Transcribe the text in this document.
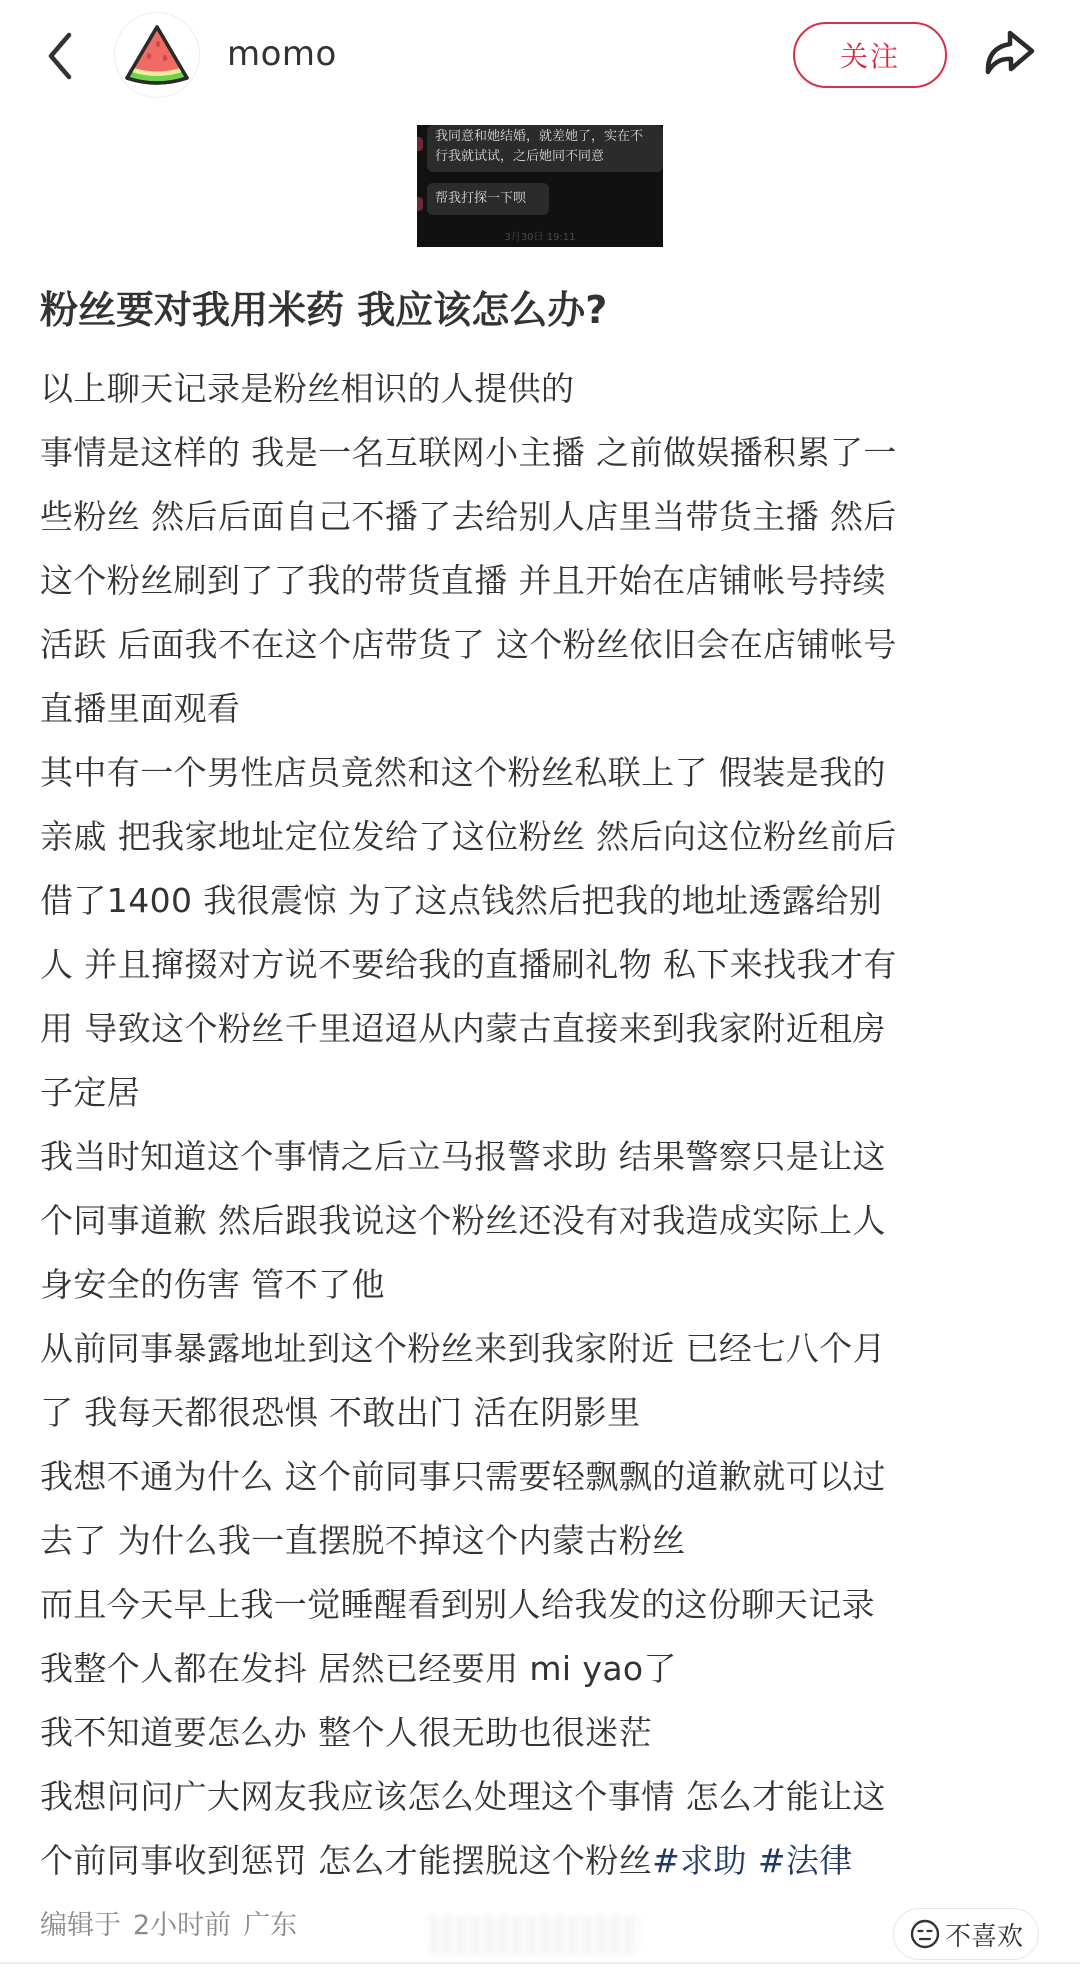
momo	关注
我同意和她结婚，就差她了，实在不行我就试试，之后她同不同意
帮我打探一下呗
3月30日 19:11
粉丝要对我用米药 我应该怎么办?
以上聊天记录是粉丝相识的人提供的
事情是这样的 我是一名互联网小主播 之前做娱播积累了一
些粉丝 然后后面自己不播了去给别人店里当带货主播 然后
这个粉丝刷到了了我的带货直播 并且开始在店铺帐号持续
活跃 后面我不在这个店带货了 这个粉丝依旧会在店铺帐号
直播里面观看
其中有一个男性店员竟然和这个粉丝私联上了 假装是我的
亲戚 把我家地址定位发给了这位粉丝 然后向这位粉丝前后
借了1400 我很震惊 为了这点钱然后把我的地址透露给别
人 并且撺掇对方说不要给我的直播刷礼物 私下来找我才有
用 导致这个粉丝千里迢迢从内蒙古直接来到我家附近租房
子定居
我当时知道这个事情之后立马报警求助 结果警察只是让这
个同事道歉 然后跟我说这个粉丝还没有对我造成实际上人
身安全的伤害 管不了他
从前同事暴露地址到这个粉丝来到我家附近 已经七八个月
了 我每天都很恐惧 不敢出门 活在阴影里
我想不通为什么 这个前同事只需要轻飘飘的道歉就可以过
去了 为什么我一直摆脱不掉这个内蒙古粉丝
而且今天早上我一觉睡醒看到别人给我发的这份聊天记录
我整个人都在发抖 居然已经要用 mi yao了
我不知道要怎么办 整个人很无助也很迷茫
我想问问广大网友我应该怎么处理这个事情 怎么才能让这
个前同事收到惩罚 怎么才能摆脱这个粉丝#求助 #法律
编辑于 2小时前 广东	不喜欢
